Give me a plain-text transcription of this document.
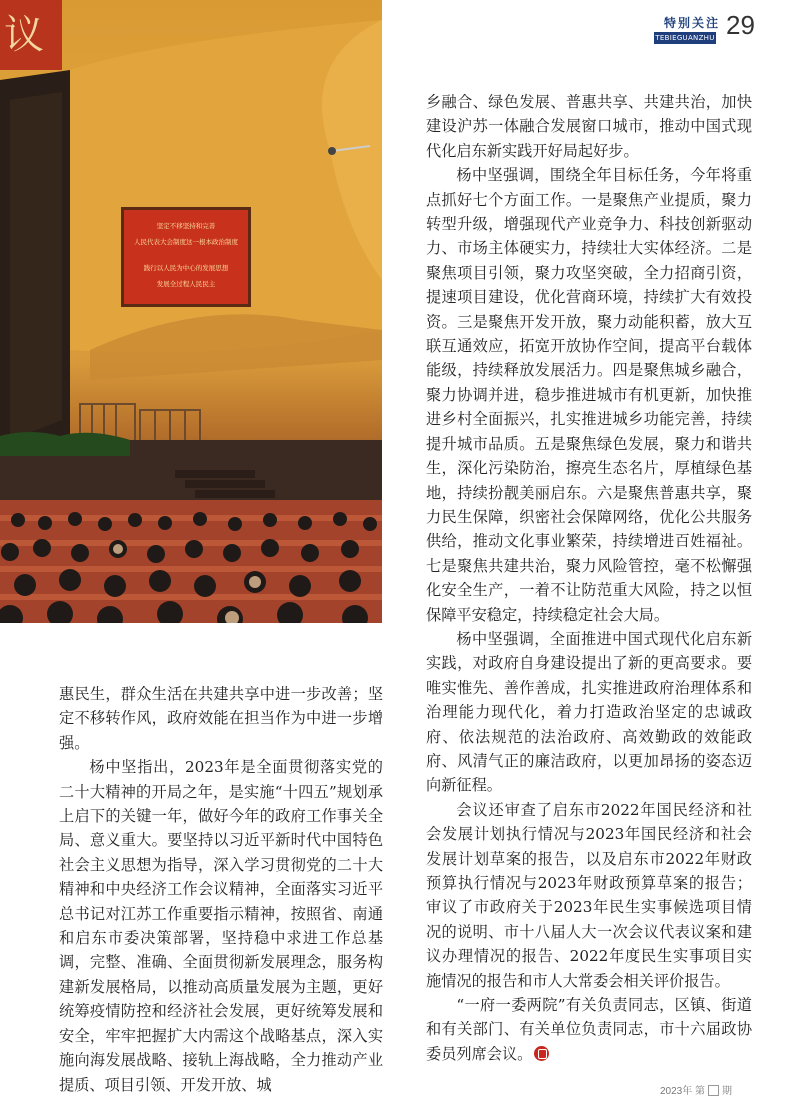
特别关注
TEBIEGUANZHU 29
议
坚定不移坚持和完善
人民代表大会制度这一根本政治制度
践行以人民为中心的发展思想
发展全过程人民民主

惠民生，群众生活在共建共享中进一步改善；坚定不移转作风，政府效能在担当作为中进一步增强。

杨中坚指出，2023年是全面贯彻落实党的二十大精神的开局之年，是实施“十四五”规划承上启下的关键一年，做好今年的政府工作事关全局、意义重大。要坚持以习近平新时代中国特色社会主义思想为指导，深入学习贯彻党的二十大精神和中央经济工作会议精神，全面落实习近平总书记对江苏工作重要指示精神，按照省、南通和启东市委决策部署，坚持稳中求进工作总基调，完整、准确、全面贯彻新发展理念，服务构建新发展格局，以推动高质量发展为主题，更好统筹疫情防控和经济社会发展，更好统筹发展和安全，牢牢把握扩大内需这个战略基点，深入实施向海发展战略、接轨上海战略，全力推动产业提质、项目引领、开发开放、城

乡融合、绿色发展、普惠共享、共建共治，加快建设沪苏一体融合发展窗口城市，推动中国式现代化启东新实践开好局起好步。

杨中坚强调，围绕全年目标任务，今年将重点抓好七个方面工作。一是聚焦产业提质，聚力转型升级，增强现代产业竞争力、科技创新驱动力、市场主体硬实力，持续壮大实体经济。二是聚焦项目引领，聚力攻坚突破，全力招商引资，提速项目建设，优化营商环境，持续扩大有效投资。三是聚焦开发开放，聚力动能积蓄，放大互联互通效应，拓宽开放协作空间，提高平台载体能级，持续释放发展活力。四是聚焦城乡融合，聚力协调并进，稳步推进城市有机更新，加快推进乡村全面振兴，扎实推进城乡功能完善，持续提升城市品质。五是聚焦绿色发展，聚力和谐共生，深化污染防治，擦亮生态名片，厚植绿色基地，持续扮靓美丽启东。六是聚焦普惠共享，聚力民生保障，织密社会保障网络，优化公共服务供给，推动文化事业繁荣，持续增进百姓福祉。七是聚焦共建共治，聚力风险管控，毫不松懈强化安全生产，一着不让防范重大风险，持之以恒保障平安稳定，持续稳定社会大局。

杨中坚强调，全面推进中国式现代化启东新实践，对政府自身建设提出了新的更高要求。要唯实惟先、善作善成，扎实推进政府治理体系和治理能力现代化，着力打造政治坚定的忠诚政府、依法规范的法治政府、高效勤政的效能政府、风清气正的廉洁政府，以更加昂扬的姿态迈向新征程。

会议还审查了启东市2022年国民经济和社会发展计划执行情况与2023年国民经济和社会发展计划草案的报告，以及启东市2022年财政预算执行情况与2023年财政预算草案的报告；审议了市政府关于2023年民生实事候选项目情况的说明、市十八届人大一次会议代表议案和建议办理情况的报告、2022年度民生实事项目实施情况的报告和市人大常委会相关评价报告。

“一府一委两院”有关负责同志，区镇、街道和有关部门、有关单位负责同志，市十六届政协委员列席会议。

2023年 第 期
